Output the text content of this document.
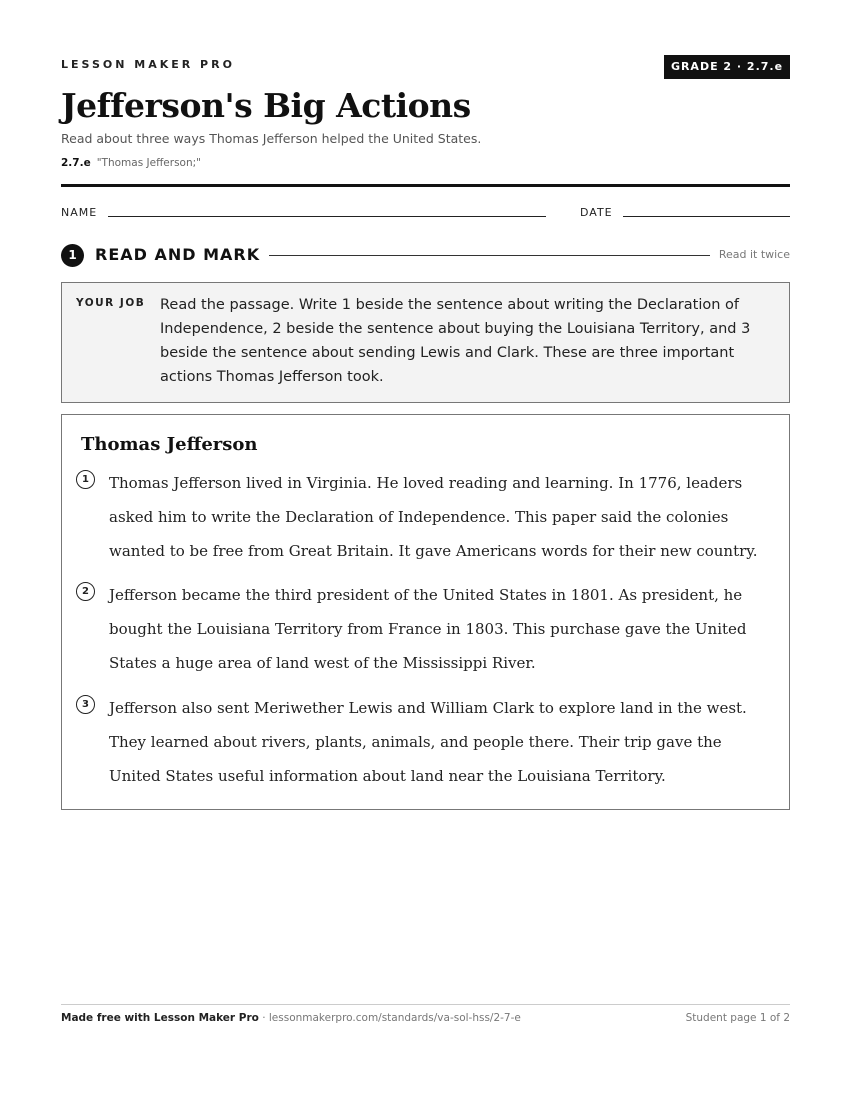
LESSON MAKER PRO	GRADE 2 · 2.7.e
Jefferson's Big Actions
Read about three ways Thomas Jefferson helped the United States.
2.7.e "Thomas Jefferson;"
NAME	DATE
1	READ AND MARK	Read it twice
YOUR JOB Read the passage. Write 1 beside the sentence about writing the Declaration of Independence, 2 beside the sentence about buying the Louisiana Territory, and 3 beside the sentence about sending Lewis and Clark. These are three important actions Thomas Jefferson took.
Thomas Jefferson
1	Thomas Jefferson lived in Virginia. He loved reading and learning. In 1776, leaders asked him to write the Declaration of Independence. This paper said the colonies wanted to be free from Great Britain. It gave Americans words for their new country.
2	Jefferson became the third president of the United States in 1801. As president, he bought the Louisiana Territory from France in 1803. This purchase gave the United States a huge area of land west of the Mississippi River.
3	Jefferson also sent Meriwether Lewis and William Clark to explore land in the west. They learned about rivers, plants, animals, and people there. Their trip gave the United States useful information about land near the Louisiana Territory.
Made free with Lesson Maker Pro · lessonmakerpro.com/standards/va-sol-hss/2-7-e	Student page 1 of 2
